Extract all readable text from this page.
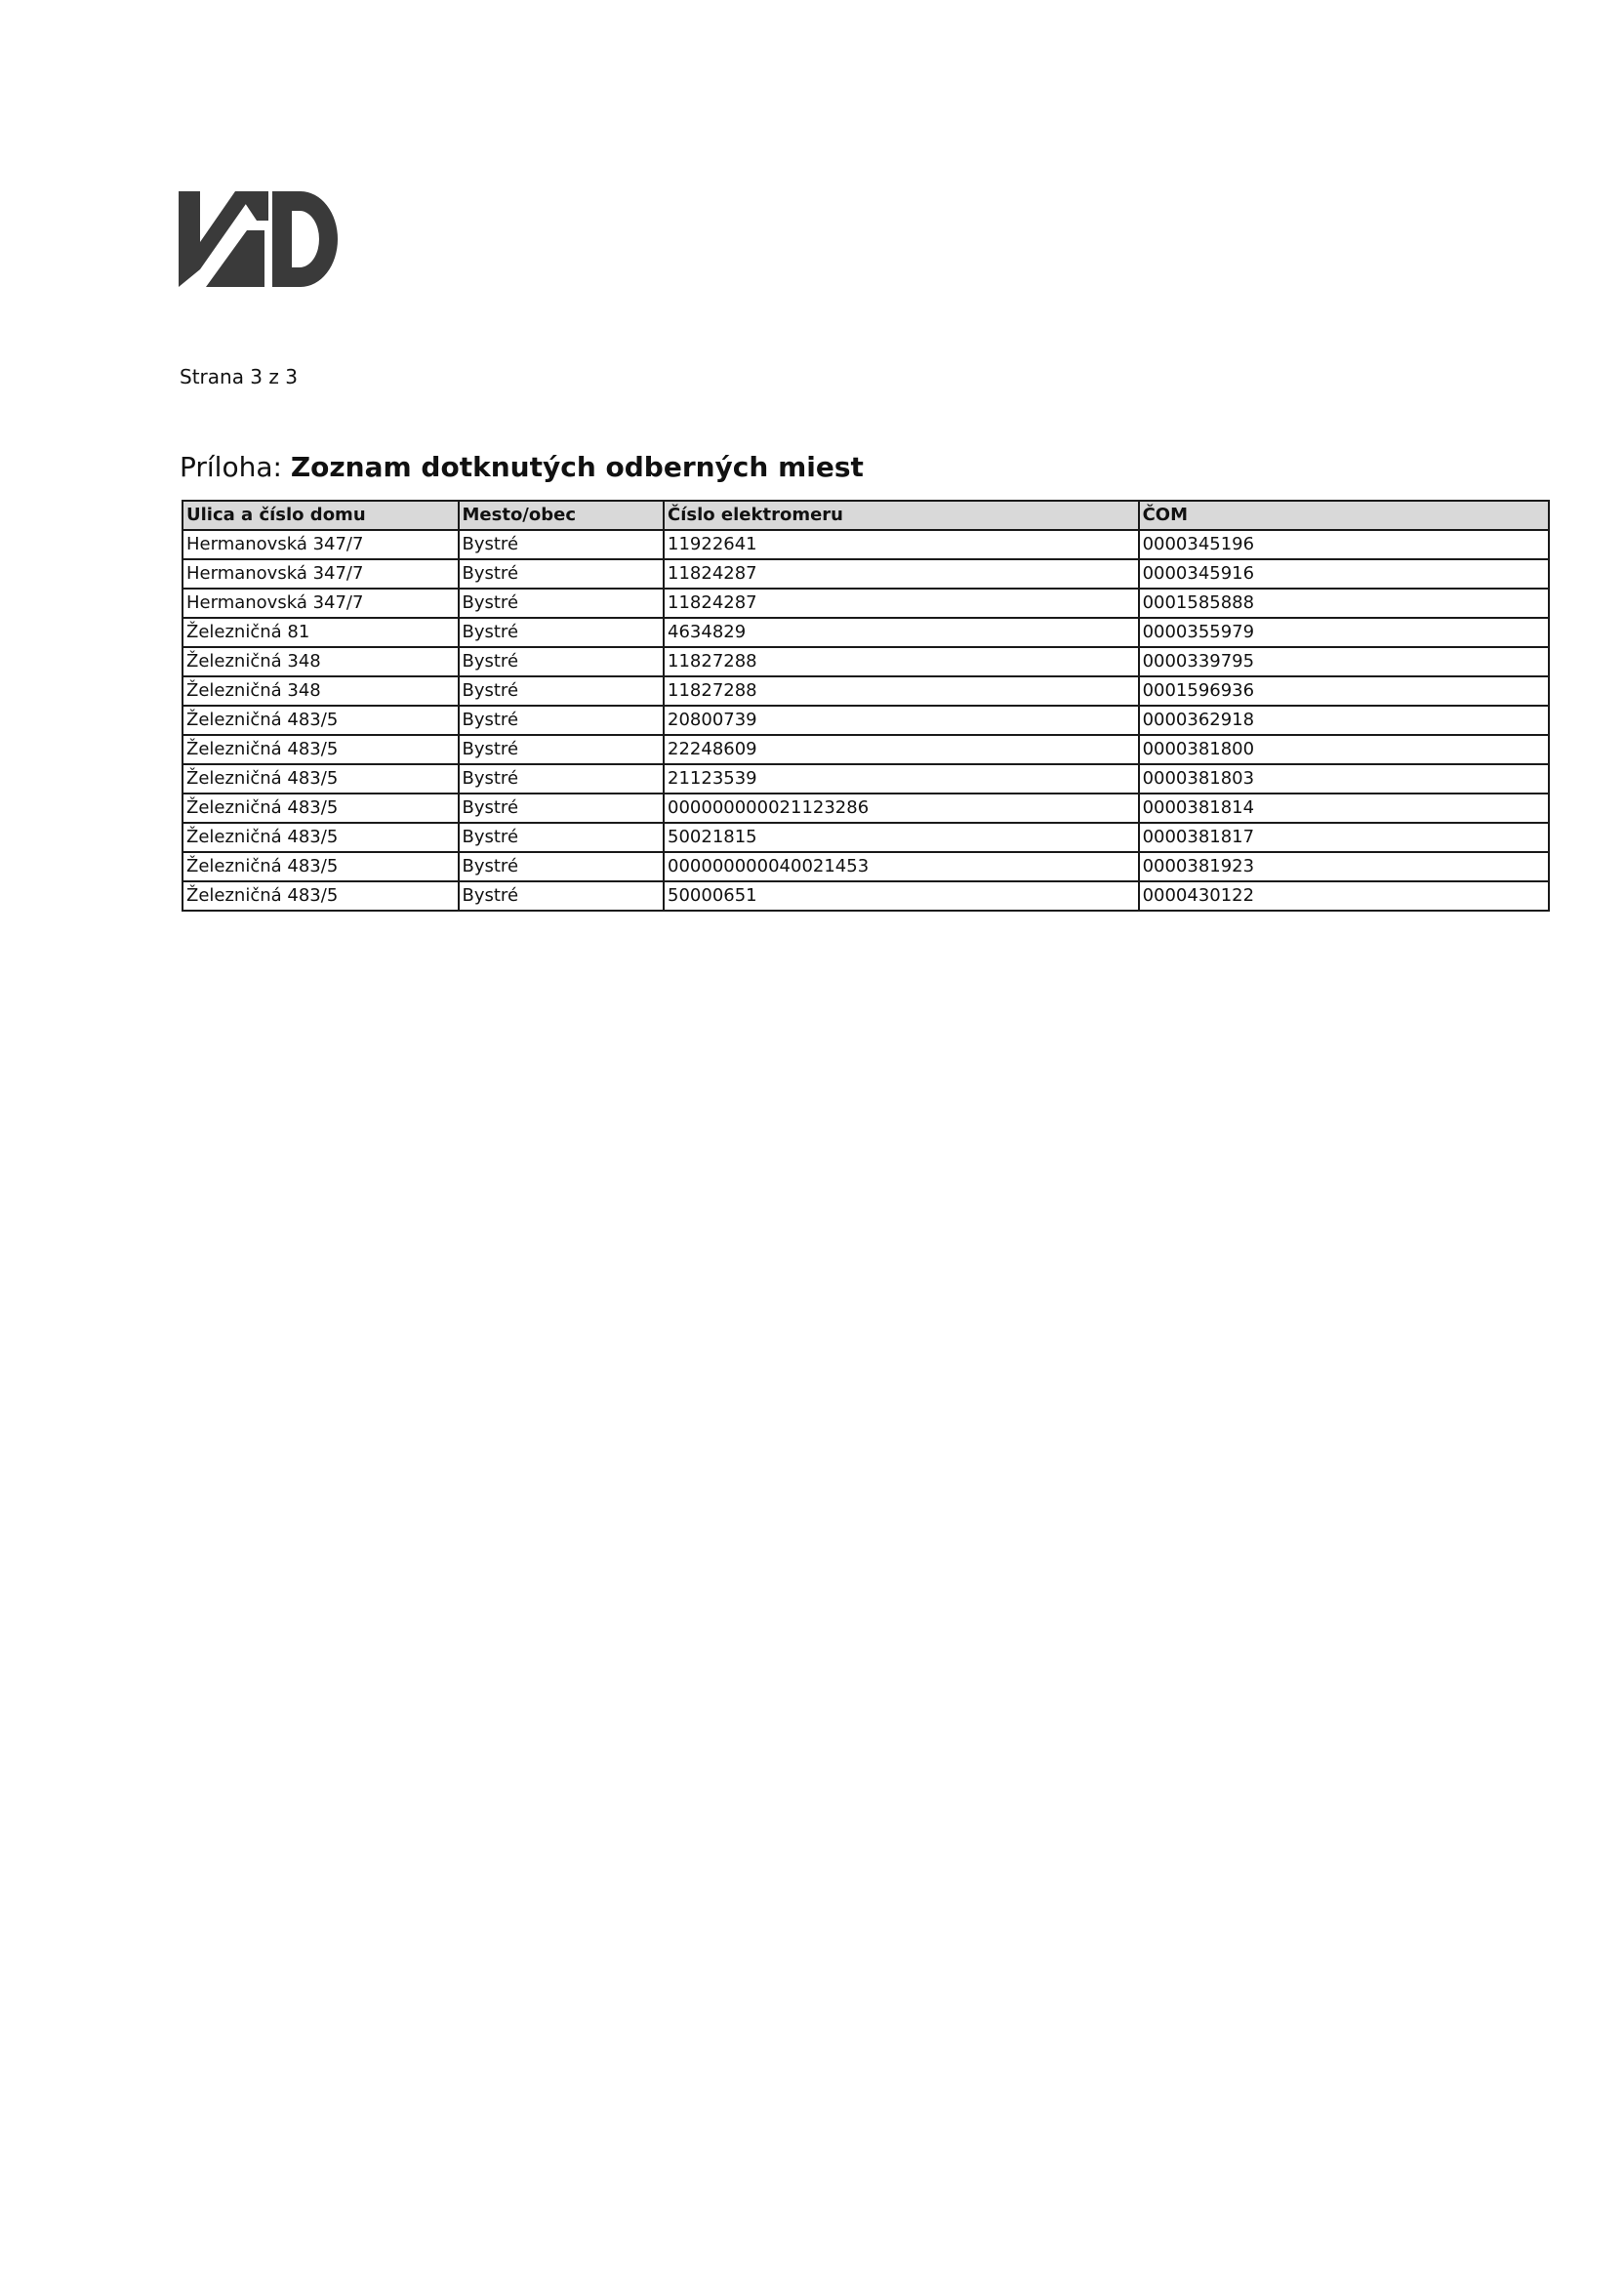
Strana 3 z 3
Príloha: Zoznam dotknutých odberných miest
Ulica a číslo domu	Mesto/obec	Číslo elektromeru	ČOM
Hermanovská 347/7	Bystré	11922641	0000345196
Hermanovská 347/7	Bystré	11824287	0000345916
Hermanovská 347/7	Bystré	11824287	0001585888
Železničná 81	Bystré	4634829	0000355979
Železničná 348	Bystré	11827288	0000339795
Železničná 348	Bystré	11827288	0001596936
Železničná 483/5	Bystré	20800739	0000362918
Železničná 483/5	Bystré	22248609	0000381800
Železničná 483/5	Bystré	21123539	0000381803
Železničná 483/5	Bystré	000000000021123286	0000381814
Železničná 483/5	Bystré	50021815	0000381817
Železničná 483/5	Bystré	000000000040021453	0000381923
Železničná 483/5	Bystré	50000651	0000430122
